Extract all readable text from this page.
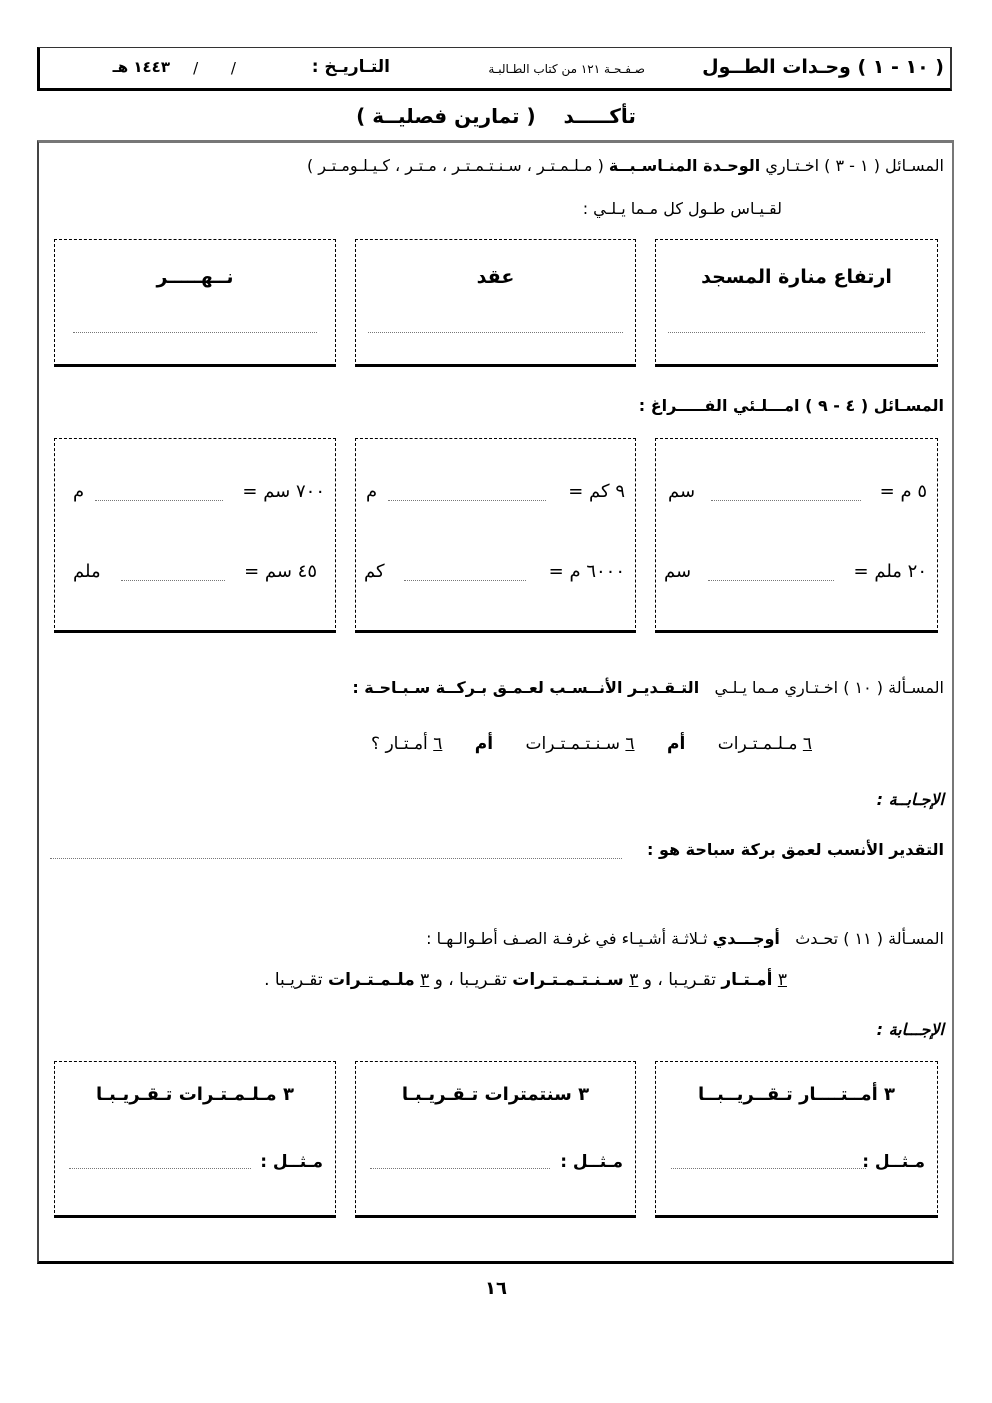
( ١٠ - ١ ) وحـدات الطــول
صـفـحـة ١٢١ من كتاب الطـالبـة
التـاريـخ :
/ /
١٤٤٣ هـ
تأكـــــد    ( تمارين فصليــة )
المسـائل ( ١ - ٣ ) اخـتـاري الوحـدة المنـاسـبــة ( مـلـمـتـر ، سـنـتـمـتـر ، مـتـر ، كـيـلـومـتـر )
لقـيـاس طـول كل مـما يـلـي :
ارتفاع منارة المسجد
عقد
نــهـــــر
المسـائل ( ٤ - ٩ ) امـــلـئي الفـــــراغ :
٥ م =
سم
٢٠ ملم =
سم
٩ كم =
م
٦٠٠٠ م =
كم
٧٠٠ سم =
م
٤٥ سم =
ملم
المسـألة ( ١٠ ) اخـتـاري مـما يـلـي   التـقـديـر الأنــسـب لعـمـق بـركــة سـبـاحـة :
٦ مـلـمـتـرات      أم      ٦ سـنـتـمـتـرات      أم      ٦ أمـتـار ؟
الإجـابــة :
التقدير الأنسب لعمق بركة سباحة هو :
المسـألة ( ١١ ) تحـدث   أوجـــدي ثـلاثـة أشـيـاء في غرفـة الصـف أطـوالـهـا :
٣ أمـتـار تقـريـبا ، و ٣ سـنـتـمـتـرات تقـريـبا ، و ٣ ملـمـتـرات تقـريـبا .
الإجـــابة :
٣ أمــتــــار تـقــريــبــا
مـثــل :
٣ سنتمترات تـقـريـبـا
مـثــل :
٣ مـلـمـتـرات تـقـريـبـا
مـثــل :
١٦
